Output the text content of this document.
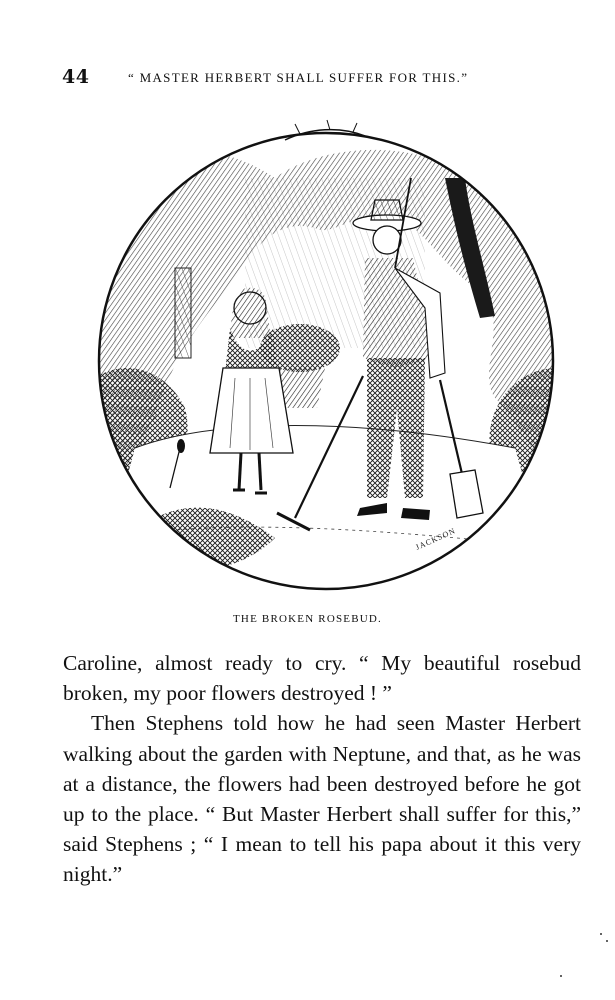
44	“ MASTER HERBERT SHALL SUFFER FOR THIS.”
JACKSON
THE BROKEN ROSEBUD.

Caroline, almost ready to cry. “ My beautiful rosebud broken, my poor flowers destroyed ! ”

Then Stephens told how he had seen Master Herbert walking about the garden with Neptune, and that, as he was at a distance, the flowers had been destroyed before he got up to the place. “ But Master Herbert shall suffer for this,” said Stephens ; “ I mean to tell his papa about it this very night.”
